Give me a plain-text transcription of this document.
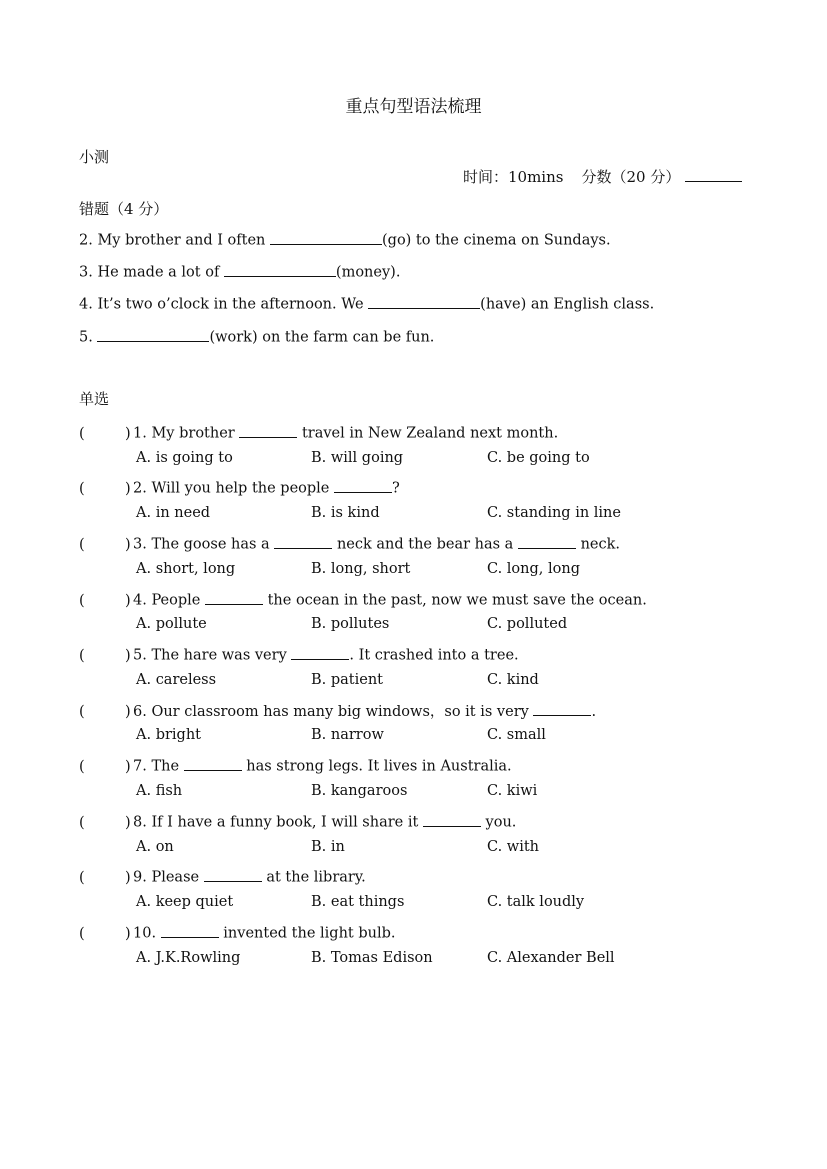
重点句型语法梳理
小测
时间：10mins 分数（20 分）
错题（4 分）
2. My brother and I often	(go) to the cinema on Sundays.
3. He made a lot of	(money).
4. It’s two o’clock in the afternoon. We	(have) an English class.
5.	(work) on the farm can be fun.
单选
(	) 1. My brother	travel in New Zealand next month.
A. is going to	B. will going	C. be going to
(	) 2. Will you help the people	?
A. in need	B. is kind	C. standing in line
(	) 3. The goose has a	neck and the bear has a	neck.
A. short, long	B. long, short	C. long, long
(	) 4. People	the ocean in the past, now we must save the ocean.
A. pollute	B. pollutes	C. polluted
(	) 5. The hare was very	. It crashed into a tree.
A. careless	B. patient	C. kind
(	) 6. Our classroom has many big windows，so it is very	.
A. bright	B. narrow	C. small
(	) 7. The	has strong legs. It lives in Australia.
A. fish	B. kangaroos	C. kiwi
(	) 8. If I have a funny book, I will share it	you.
A. on	B. in	C. with
(	) 9. Please	at the library.
A. keep quiet	B. eat things	C. talk loudly
(	) 10.	invented the light bulb.
A. J.K.Rowling	B. Tomas Edison	C. Alexander Bell
